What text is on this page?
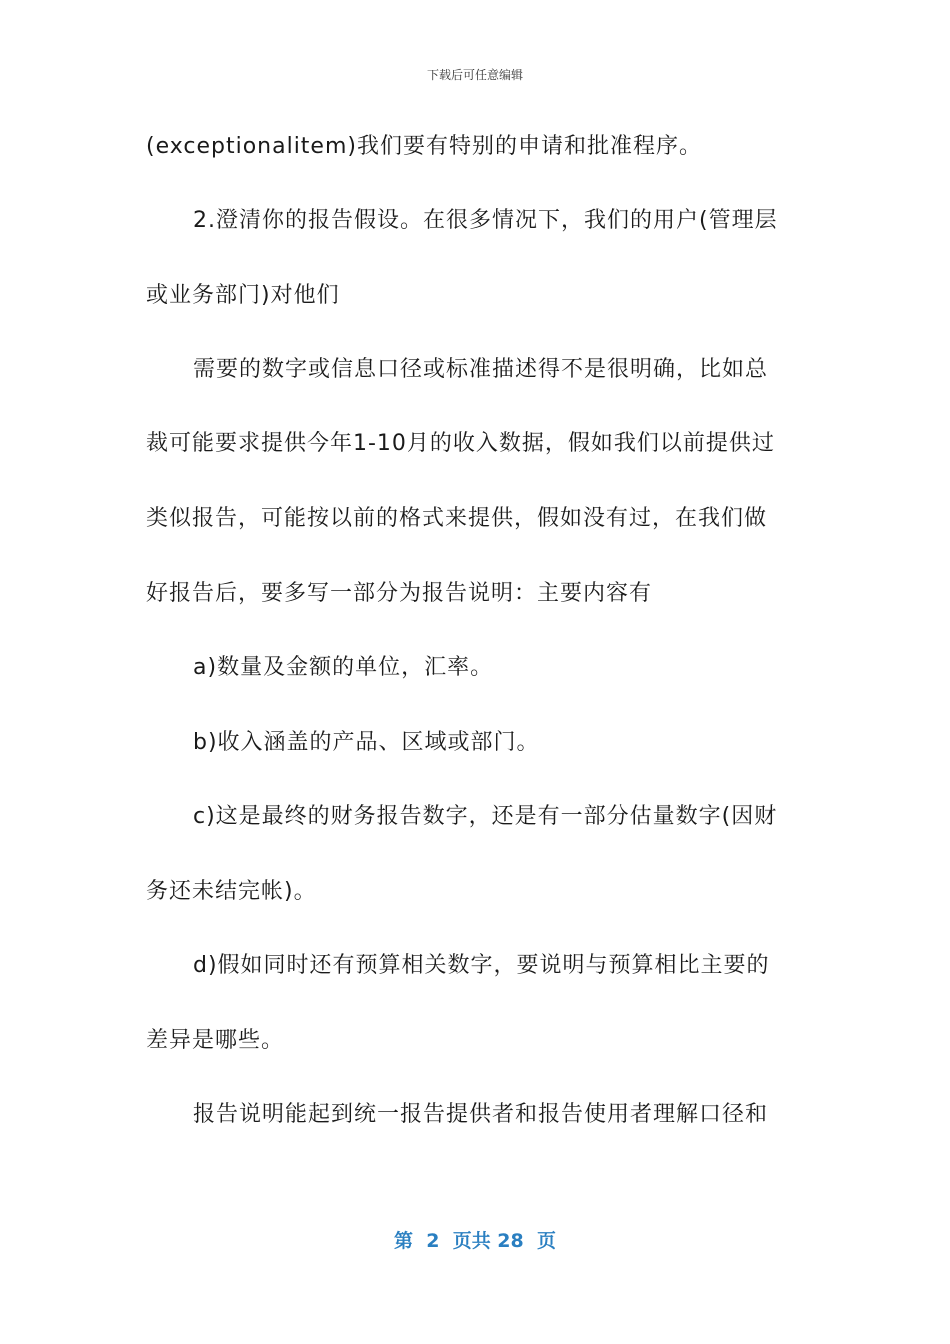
下载后可任意编辑
(exceptionalitem)我们要有特别的申请和批准程序。
2.澄清你的报告假设。在很多情况下，我们的用户(管理层
或业务部门)对他们
需要的数字或信息口径或标准描述得不是很明确，比如总
裁可能要求提供今年1-10月的收入数据，假如我们以前提供过
类似报告，可能按以前的格式来提供，假如没有过，在我们做
好报告后，要多写一部分为报告说明：主要内容有
a)数量及金额的单位，汇率。
b)收入涵盖的产品、区域或部门。
c)这是最终的财务报告数字，还是有一部分估量数字(因财
务还未结完帐)。
d)假如同时还有预算相关数字，要说明与预算相比主要的
差异是哪些。
报告说明能起到统一报告提供者和报告使用者理解口径和
第  2  页共 28  页
